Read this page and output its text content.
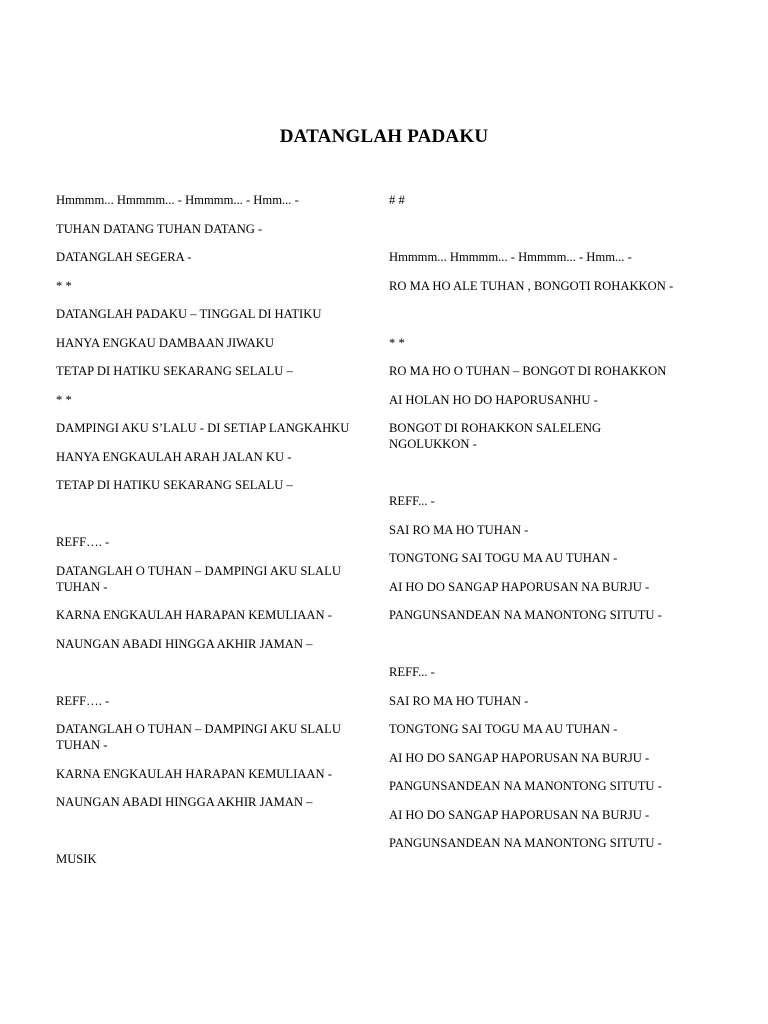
DATANGLAH PADAKU

Hmmmm... Hmmmm... - Hmmmm... - Hmm... -

TUHAN DATANG TUHAN DATANG -

DATANGLAH SEGERA -

* *

DATANGLAH PADAKU – TINGGAL DI HATIKU

HANYA ENGKAU DAMBAAN JIWAKU

TETAP DI HATIKU SEKARANG SELALU –

* *

DAMPINGI AKU S’LALU - DI SETIAP LANGKAHKU

HANYA ENGKAULAH ARAH JALAN KU -

TETAP DI HATIKU SEKARANG SELALU –

REFF…. -

DATANGLAH O TUHAN – DAMPINGI AKU SLALU TUHAN -

KARNA ENGKAULAH HARAPAN KEMULIAAN -

NAUNGAN ABADI HINGGA AKHIR JAMAN –

REFF…. -

DATANGLAH O TUHAN – DAMPINGI AKU SLALU TUHAN -

KARNA ENGKAULAH HARAPAN KEMULIAAN -

NAUNGAN ABADI HINGGA AKHIR JAMAN –

MUSIK

# #

Hmmmm... Hmmmm... - Hmmmm... - Hmm... -

RO MA HO ALE TUHAN , BONGOTI ROHAKKON -

* *

RO MA HO O TUHAN – BONGOT DI ROHAKKON

AI HOLAN HO DO HAPORUSANHU -

BONGOT DI ROHAKKON SALELENG NGOLUKKON -

REFF... -

SAI RO MA HO TUHAN -

TONGTONG SAI TOGU MA AU TUHAN -

AI HO DO SANGAP HAPORUSAN NA BURJU -

PANGUNSANDEAN NA MANONTONG SITUTU -

REFF... -

SAI RO MA HO TUHAN -

TONGTONG SAI TOGU MA AU TUHAN -

AI HO DO SANGAP HAPORUSAN NA BURJU -

PANGUNSANDEAN NA MANONTONG SITUTU -

AI HO DO SANGAP HAPORUSAN NA BURJU -

PANGUNSANDEAN NA MANONTONG SITUTU -
